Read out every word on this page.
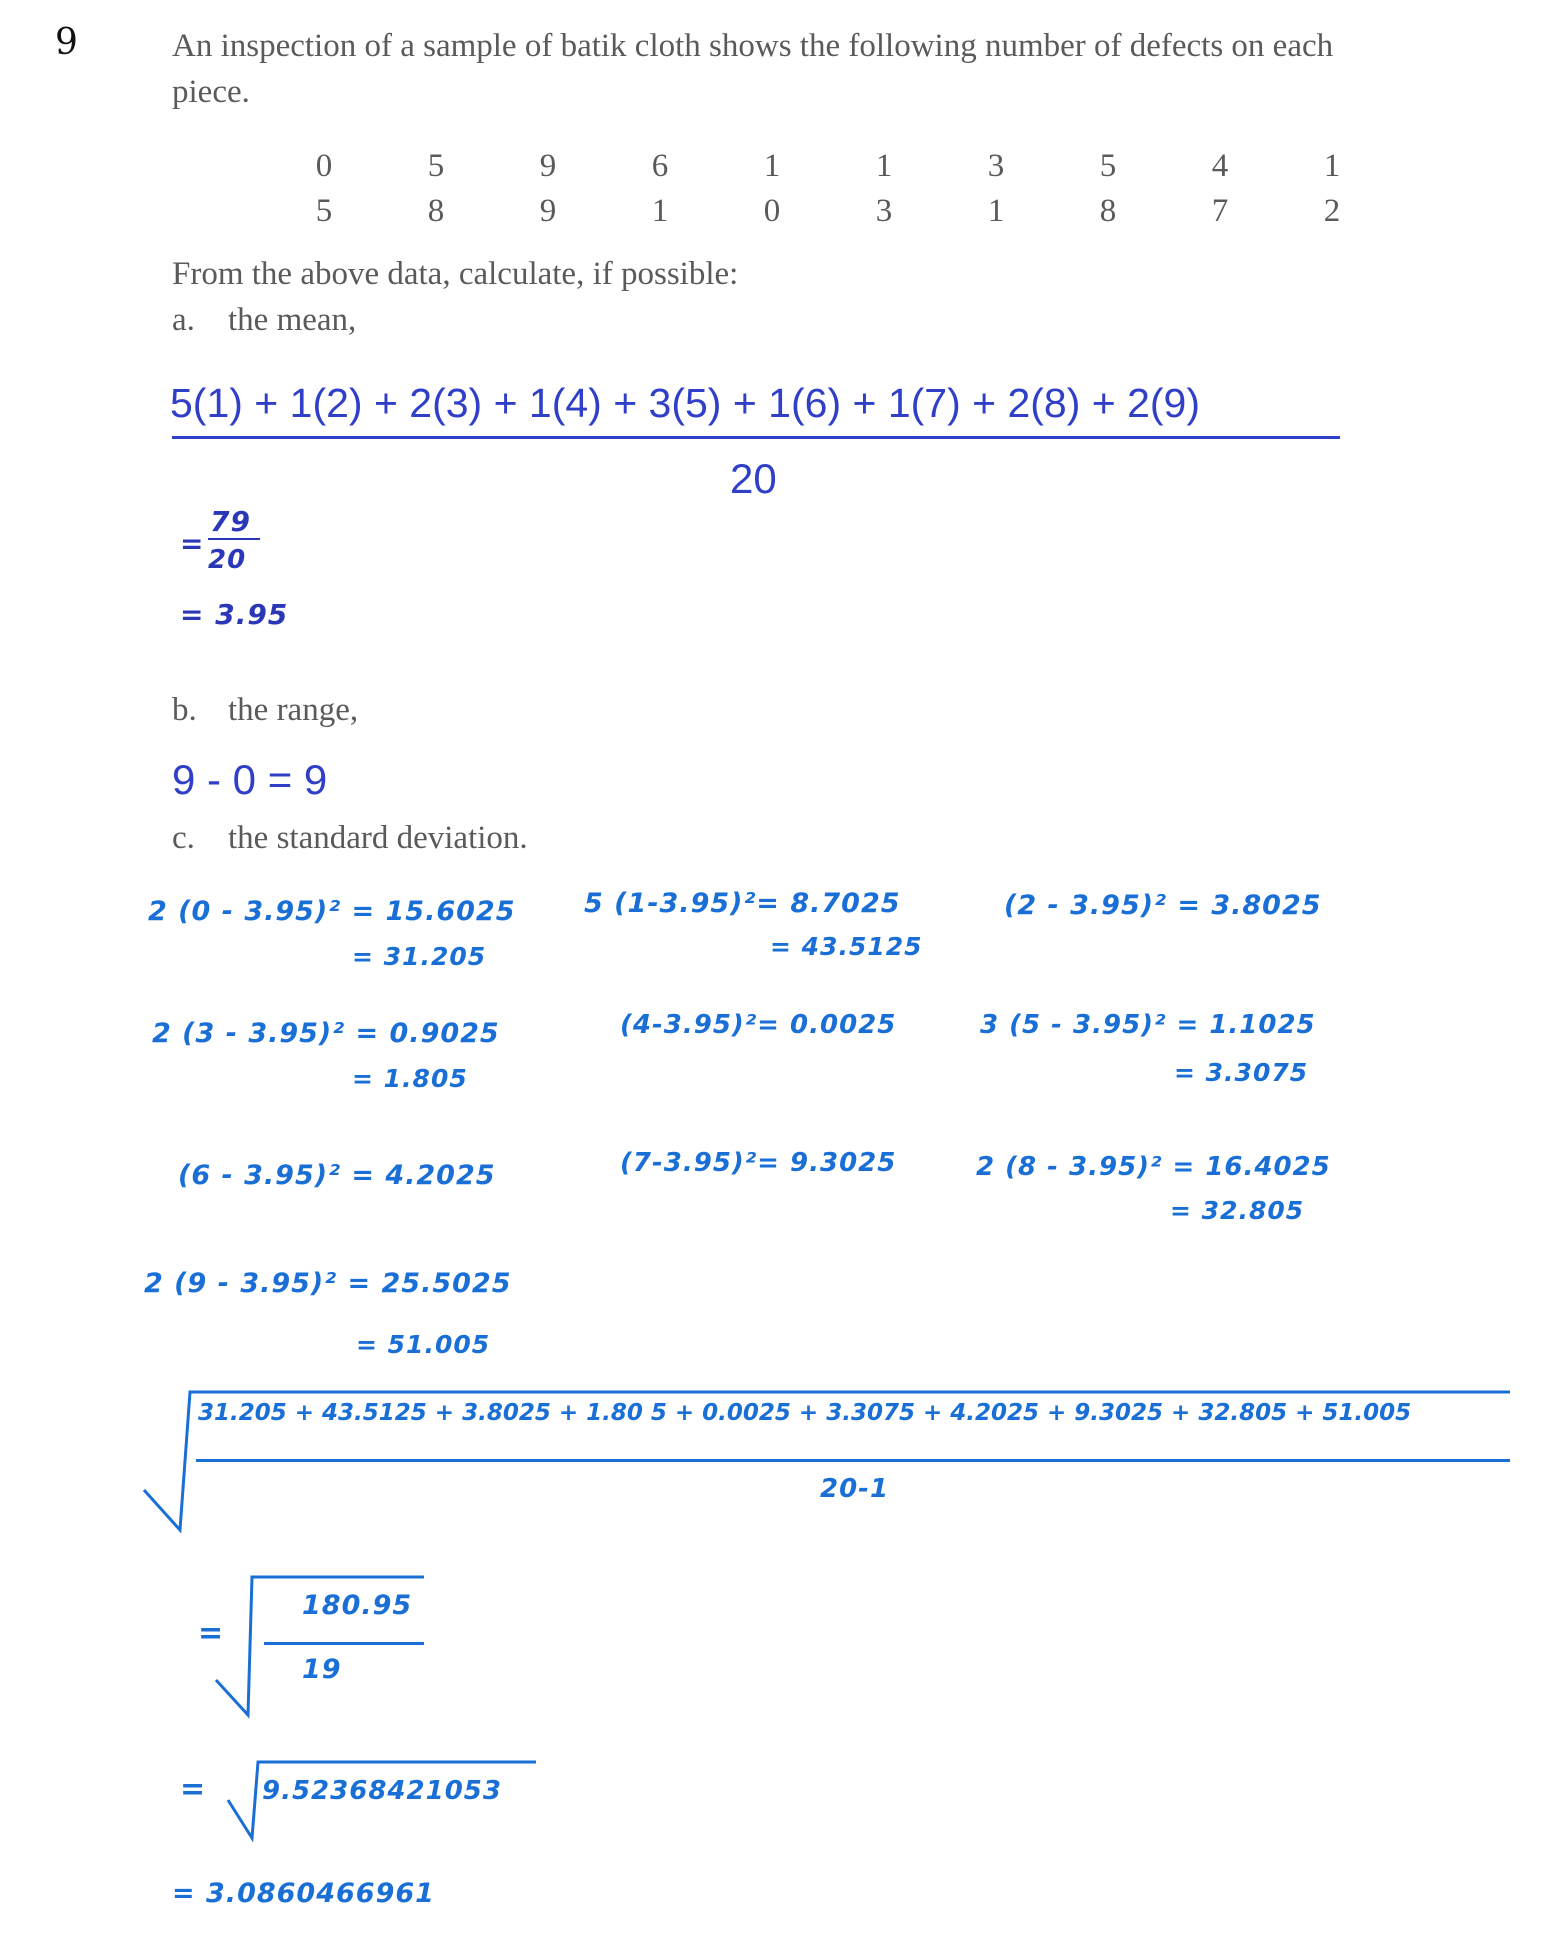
9	An inspection of a sample of batik cloth shows the following number of defects on each
piece.
0	5	9	6	1	1	3	5	4	1
5	8	9	1	0	3	1	8	7	2
From the above data, calculate, if possible:
a. the mean,
5(1) + 1(2) + 2(3) + 1(4) + 3(5) + 1(6) + 1(7) + 2(8) + 2(9)
20
=
79
20
= 3.95
b. the range,
9 - 0 = 9
c. the standard deviation.
2 (0 - 3.95)² = 15.6025
= 31.205
5 (1-3.95)²= 8.7025
= 43.5125
(2 - 3.95)² = 3.8025
2 (3 - 3.95)² = 0.9025
= 1.805
(4-3.95)²= 0.0025	3 (5 - 3.95)² = 1.1025
= 3.3075
(6 - 3.95)² = 4.2025	(7-3.95)²= 9.3025	2 (8 - 3.95)² = 16.4025
= 32.805
2 (9 - 3.95)² = 25.5025
= 51.005
31.205 + 43.5125 + 3.8025 + 1.80 5 + 0.0025 + 3.3075 + 4.2025 + 9.3025 + 32.805 + 51.005
20-1
=
180.95
19
= 9.52368421053
= 3.0860466961
